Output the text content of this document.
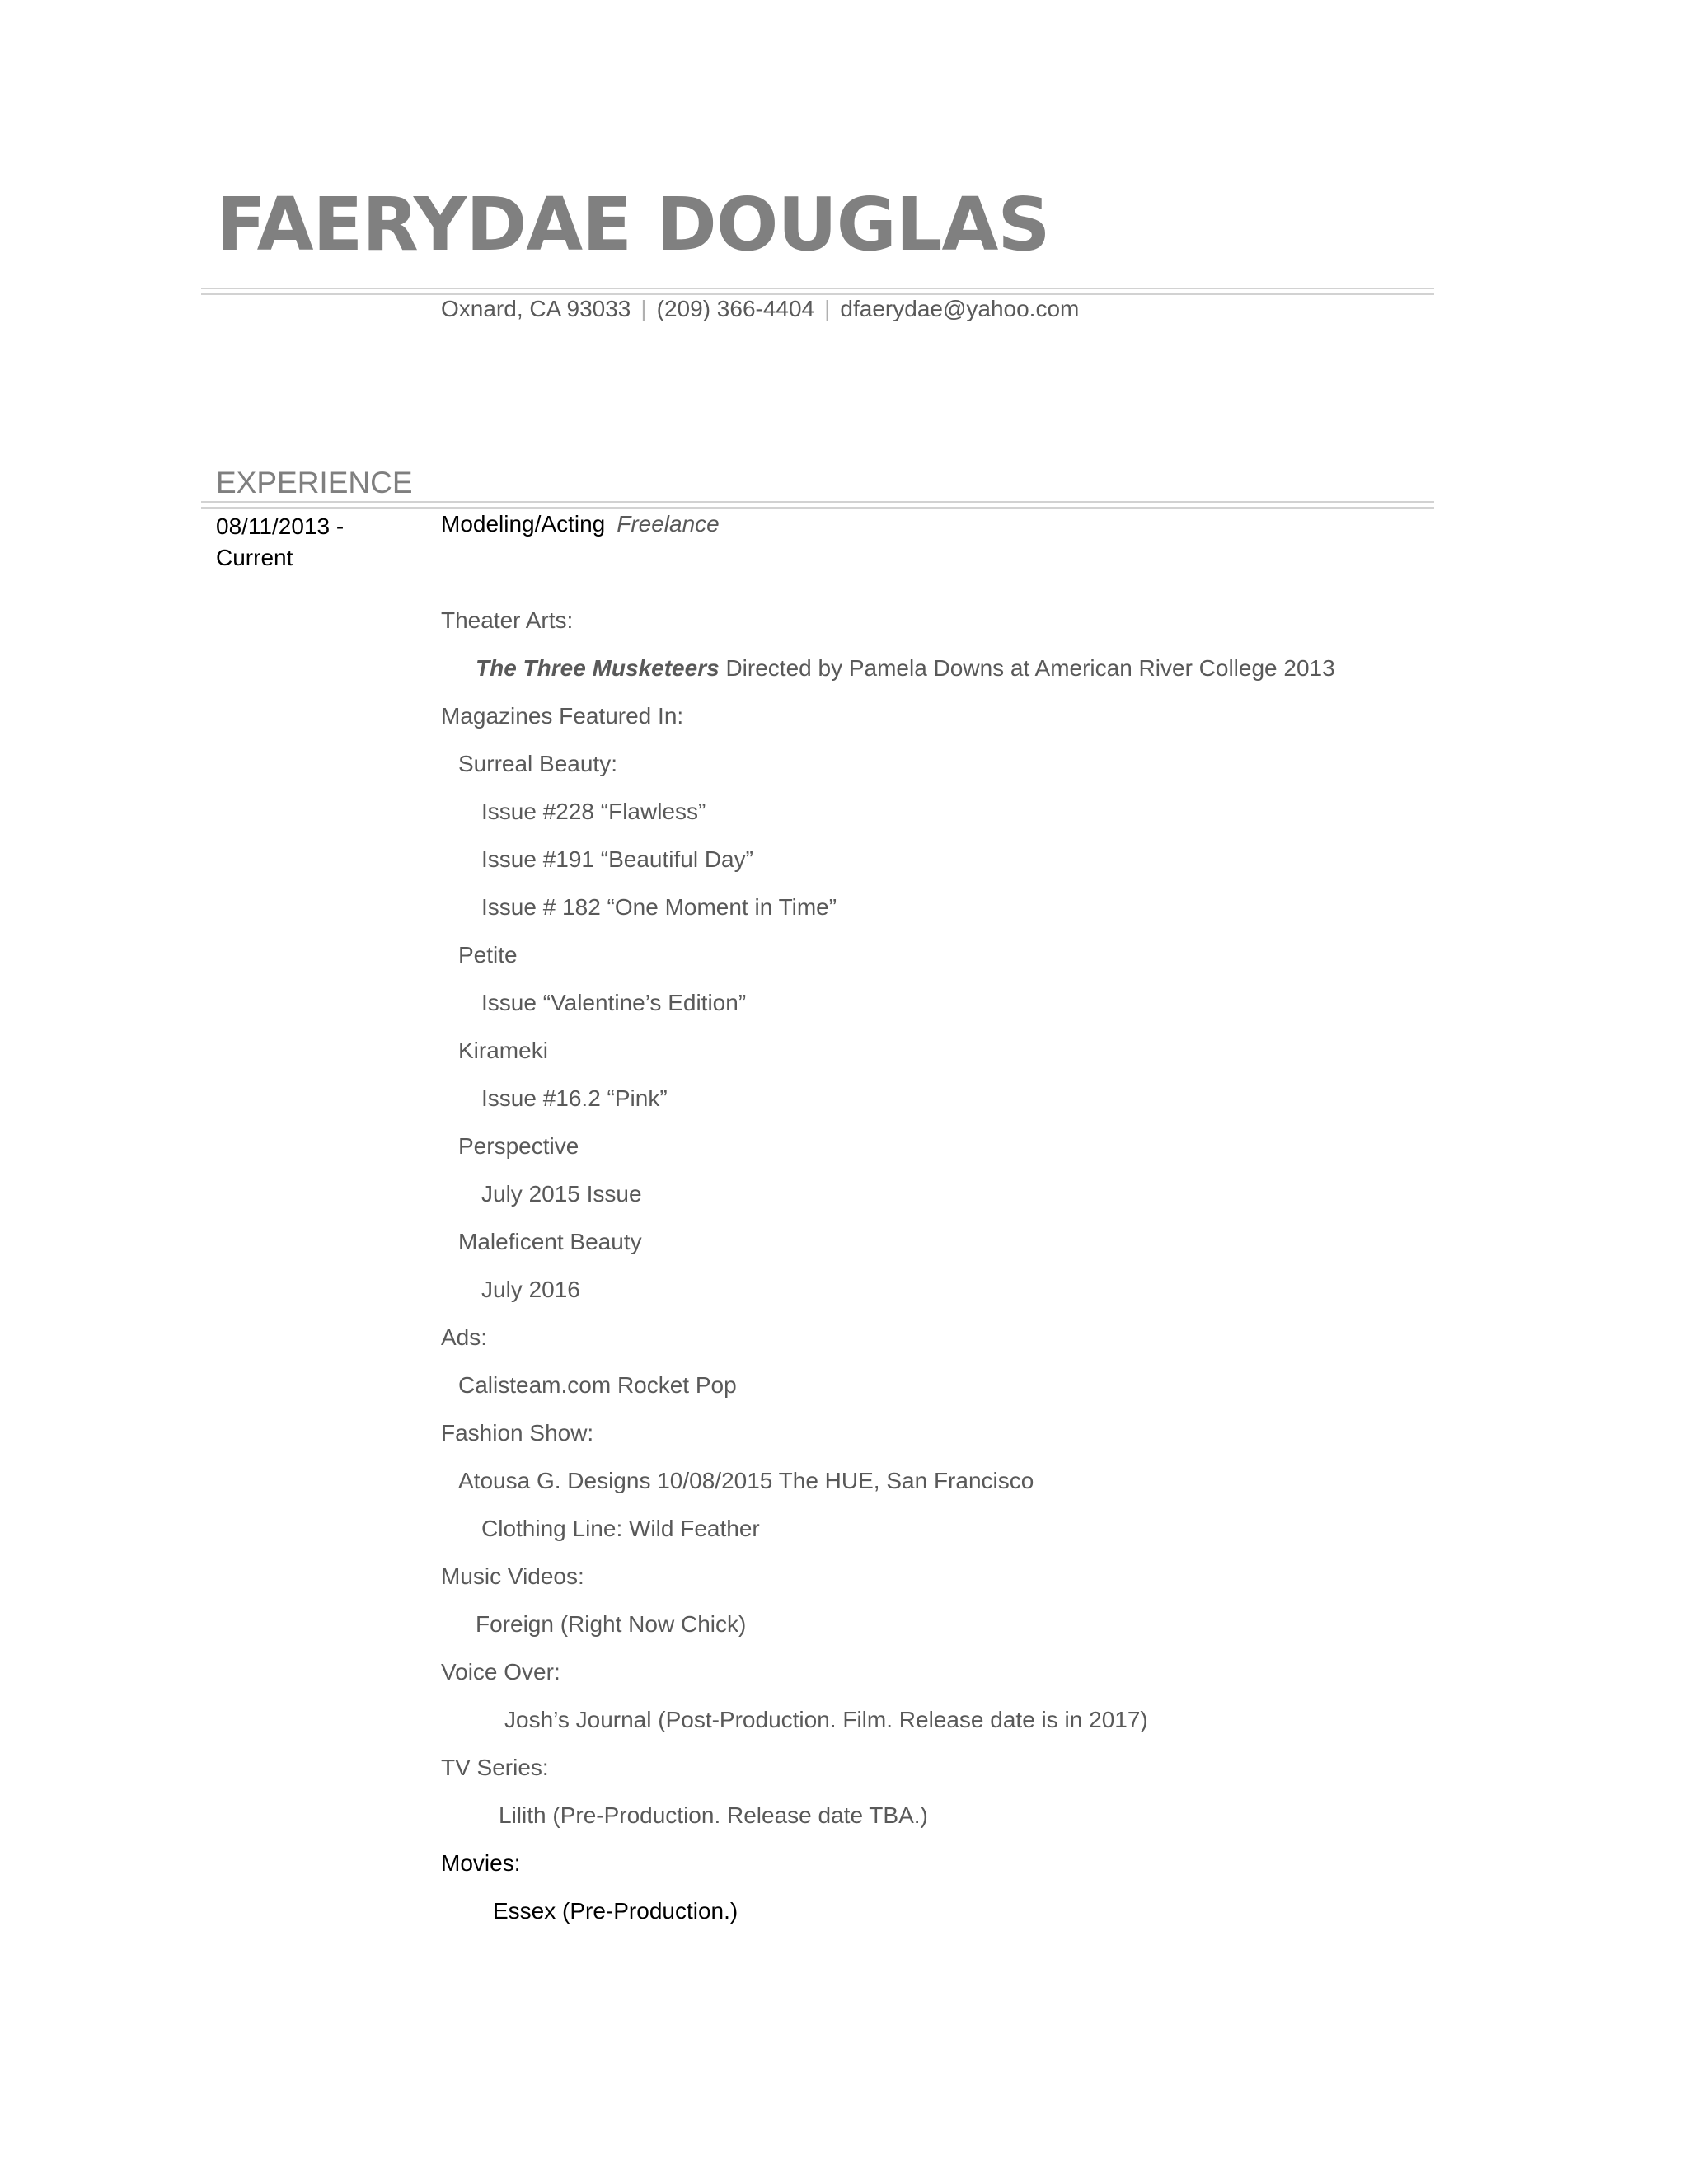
FAERYDAE DOUGLAS
Oxnard, CA 93033 | (209) 366-4404 | dfaerydae@yahoo.com
EXPERIENCE
08/11/2013 -
Current
Modeling/Acting Freelance
Theater Arts:
The Three Musketeers Directed by Pamela Downs at American River College 2013
Magazines Featured In:
Surreal Beauty:
Issue #228 “Flawless”
Issue #191 “Beautiful Day”
Issue # 182 “One Moment in Time”
Petite
Issue “Valentine’s Edition”
Kirameki
Issue #16.2 “Pink”
Perspective
July 2015 Issue
Maleficent Beauty
July 2016
Ads:
Calisteam.com Rocket Pop
Fashion Show:
Atousa G. Designs 10/08/2015 The HUE, San Francisco
Clothing Line: Wild Feather
Music Videos:
Foreign (Right Now Chick)
Voice Over:
Josh’s Journal (Post-Production. Film. Release date is in 2017)
TV Series:
Lilith (Pre-Production. Release date TBA.)
Movies:
Essex (Pre-Production.)
